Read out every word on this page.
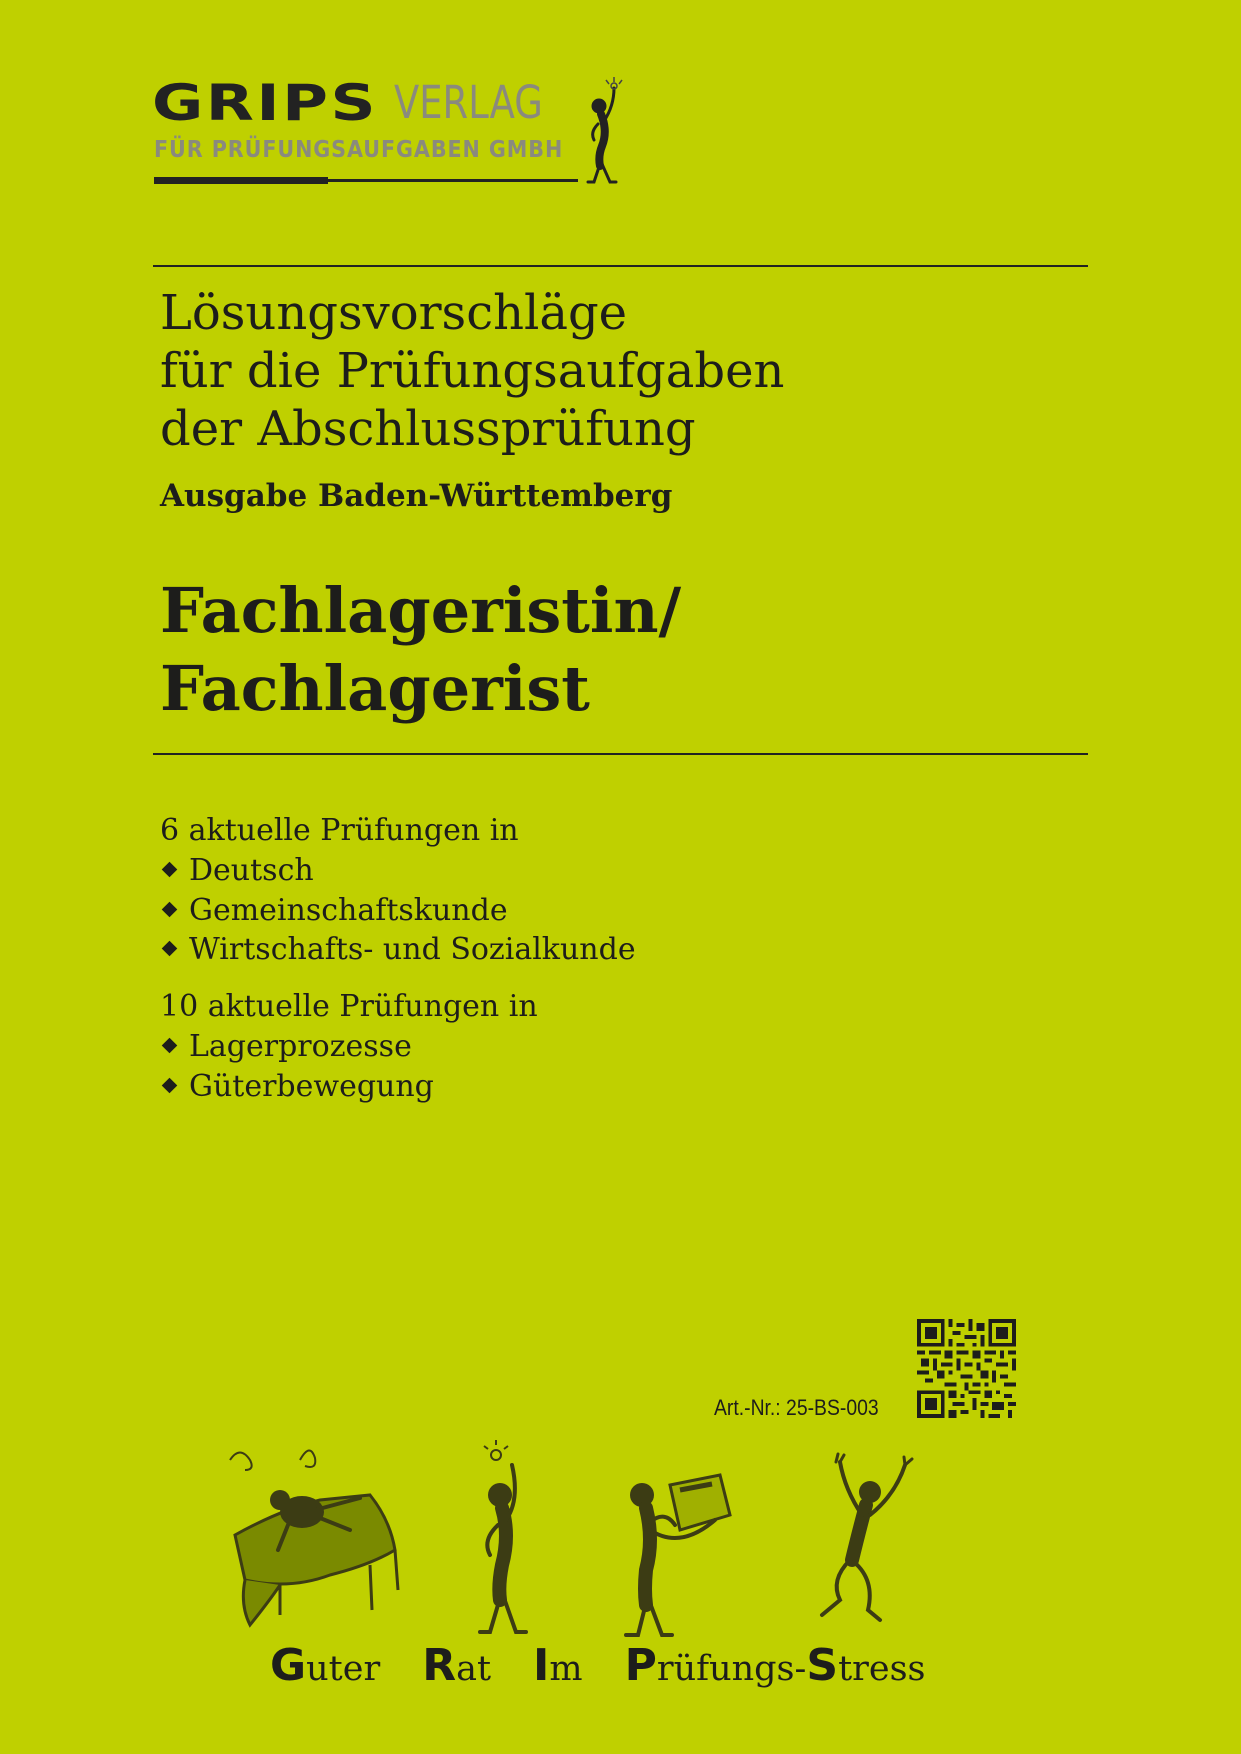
GRIPS VERLAG
FÜR PRÜFUNGSAUFGABEN GMBH
Lösungsvorschläge
für die Prüfungsaufgaben
der Abschlussprüfung
Ausgabe Baden-Württemberg
Fachlageristin/
Fachlagerist
6 aktuelle Prüfungen in
Deutsch
Gemeinschaftskunde
Wirtschafts- und Sozialkunde
10 aktuelle Prüfungen in
Lagerprozesse
Güterbewegung
Art.-Nr.: 25-BS-003
Guter Rat Im Prüfungs- Stress
